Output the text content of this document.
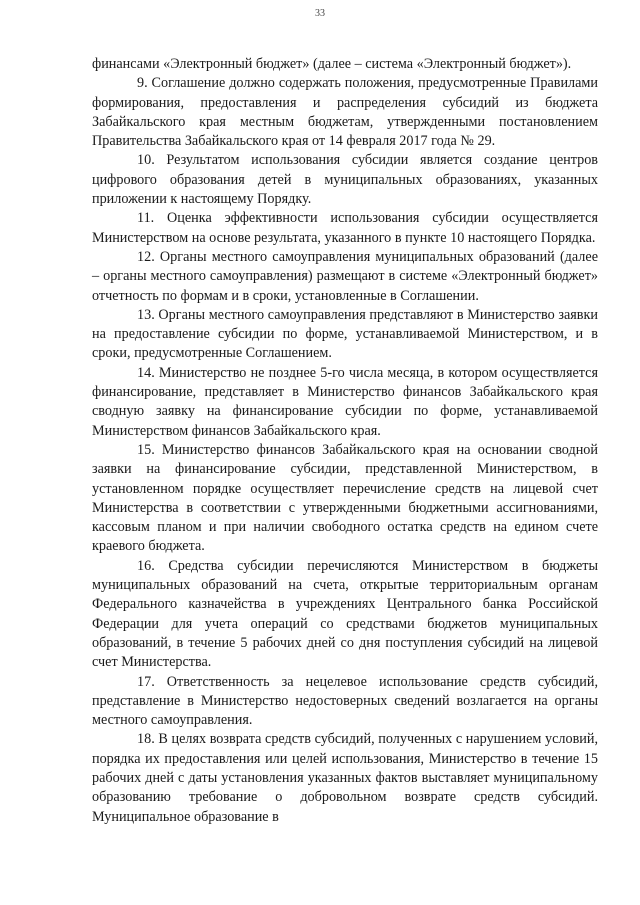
33

финансами «Электронный бюджет» (далее – система «Электронный бюджет»).

9. Соглашение должно содержать положения, предусмотренные Правилами формирования, предоставления и распределения субсидий из бюджета Забайкальского края местным бюджетам, утвержденными постановлением Правительства Забайкальского края от 14 февраля 2017 года № 29.

10. Результатом использования субсидии является создание центров цифрового образования детей в муниципальных образованиях, указанных приложении к настоящему Порядку.

11. Оценка эффективности использования субсидии осуществляется Министерством на основе результата, указанного в пункте 10 настоящего Порядка.

12. Органы местного самоуправления муниципальных образований (далее – органы местного самоуправления) размещают в системе «Электронный бюджет» отчетность по формам и в сроки, установленные в Соглашении.

13. Органы местного самоуправления представляют в Министерство заявки на предоставление субсидии по форме, устанавливаемой Министерством, и в сроки, предусмотренные Соглашением.

14. Министерство не позднее 5-го числа месяца, в котором осуществляется финансирование, представляет в Министерство финансов Забайкальского края сводную заявку на финансирование субсидии по форме, устанавливаемой Министерством финансов Забайкальского края.

15. Министерство финансов Забайкальского края на основании сводной заявки на финансирование субсидии, представленной Министерством, в установленном порядке осуществляет перечисление средств на лицевой счет Министерства в соответствии с утвержденными бюджетными ассигнованиями, кассовым планом и при наличии свободного остатка средств на едином счете краевого бюджета.

16. Средства субсидии перечисляются Министерством в бюджеты муниципальных образований на счета, открытые территориальным органам Федерального казначейства в учреждениях Центрального банка Российской Федерации для учета операций со средствами бюджетов муниципальных образований, в течение 5 рабочих дней со дня поступления субсидий на лицевой счет Министерства.

17. Ответственность за нецелевое использование средств субсидий, представление в Министерство недостоверных сведений возлагается на органы местного самоуправления.

18. В целях возврата средств субсидий, полученных с нарушением условий, порядка их предоставления или целей использования, Министерство в течение 15 рабочих дней с даты установления указанных фактов выставляет муниципальному образованию требование о добровольном возврате средств субсидий. Муниципальное образование в
